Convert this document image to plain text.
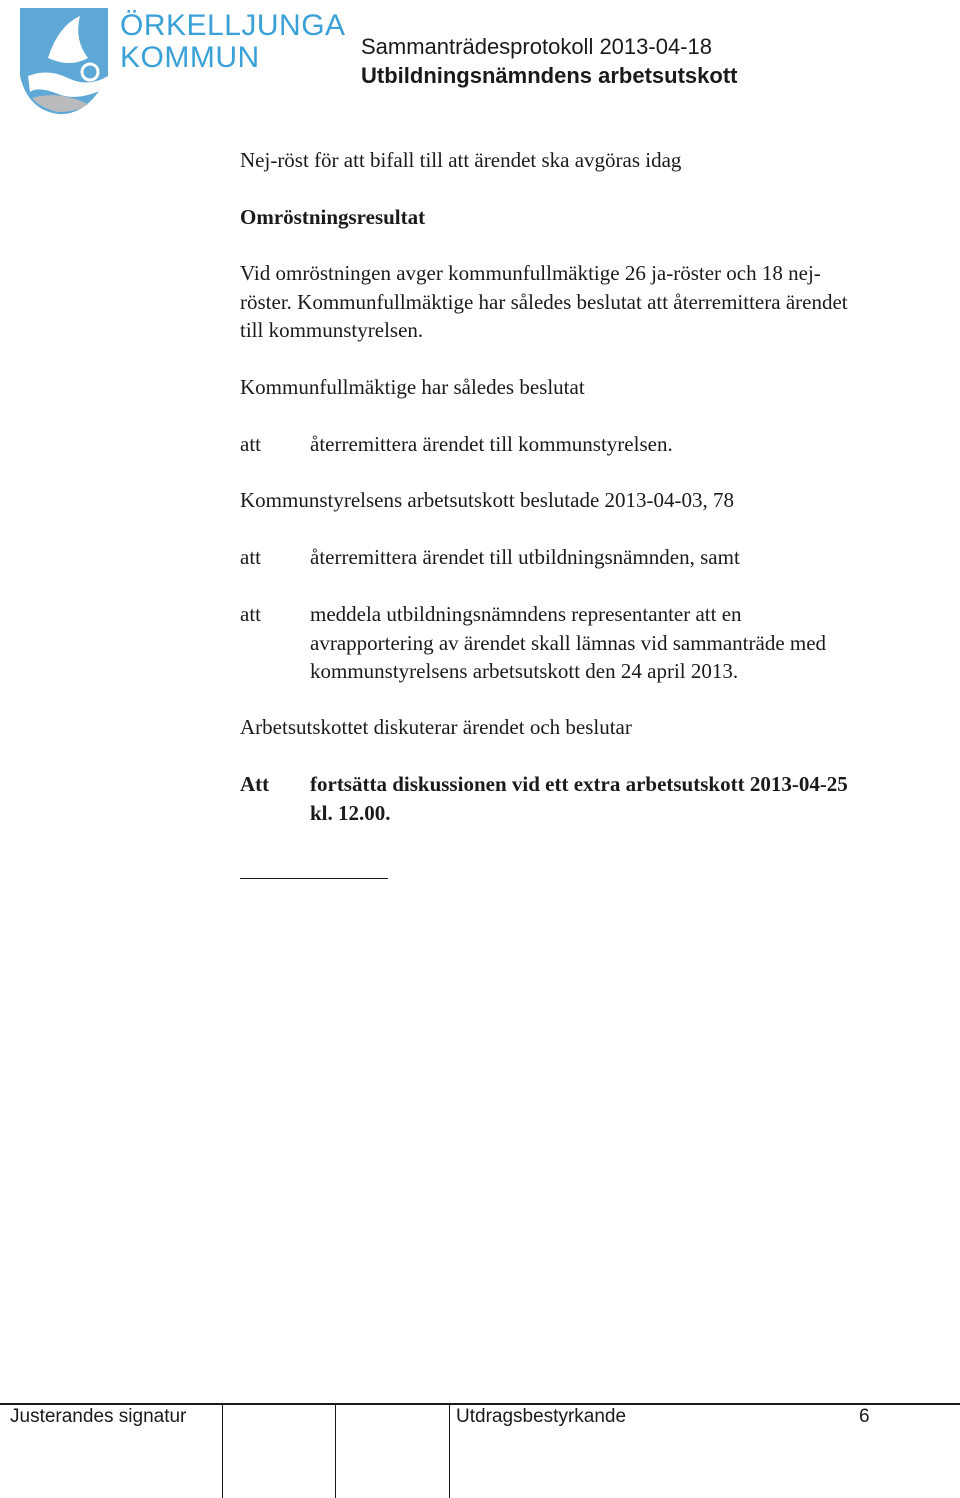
ÖRKELLJUNGA
KOMMUN	Sammanträdesprotokoll 2013-04-18
Utbildningsnämndens arbetsutskott

Nej-röst för att bifall till att ärendet ska avgöras idag

Omröstningsresultat

Vid omröstningen avger kommunfullmäktige 26 ja-röster och 18 nej-
röster. Kommunfullmäktige har således beslutat att återremittera ärendet
till kommunstyrelsen.

Kommunfullmäktige har således beslutat

att återremittera ärendet till kommunstyrelsen.

Kommunstyrelsens arbetsutskott beslutade 2013-04-03, 78

att återremittera ärendet till utbildningsnämnden, samt
att meddela utbildningsnämndens representanter att en
avrapportering av ärendet skall lämnas vid sammanträde med
kommunstyrelsens arbetsutskott den 24 april 2013.

Arbetsutskottet diskuterar ärendet och beslutar

Att fortsätta diskussionen vid ett extra arbetsutskott 2013-04-25
kl. 12.00.
Justerandes signatur	Utdragsbestyrkande	6
